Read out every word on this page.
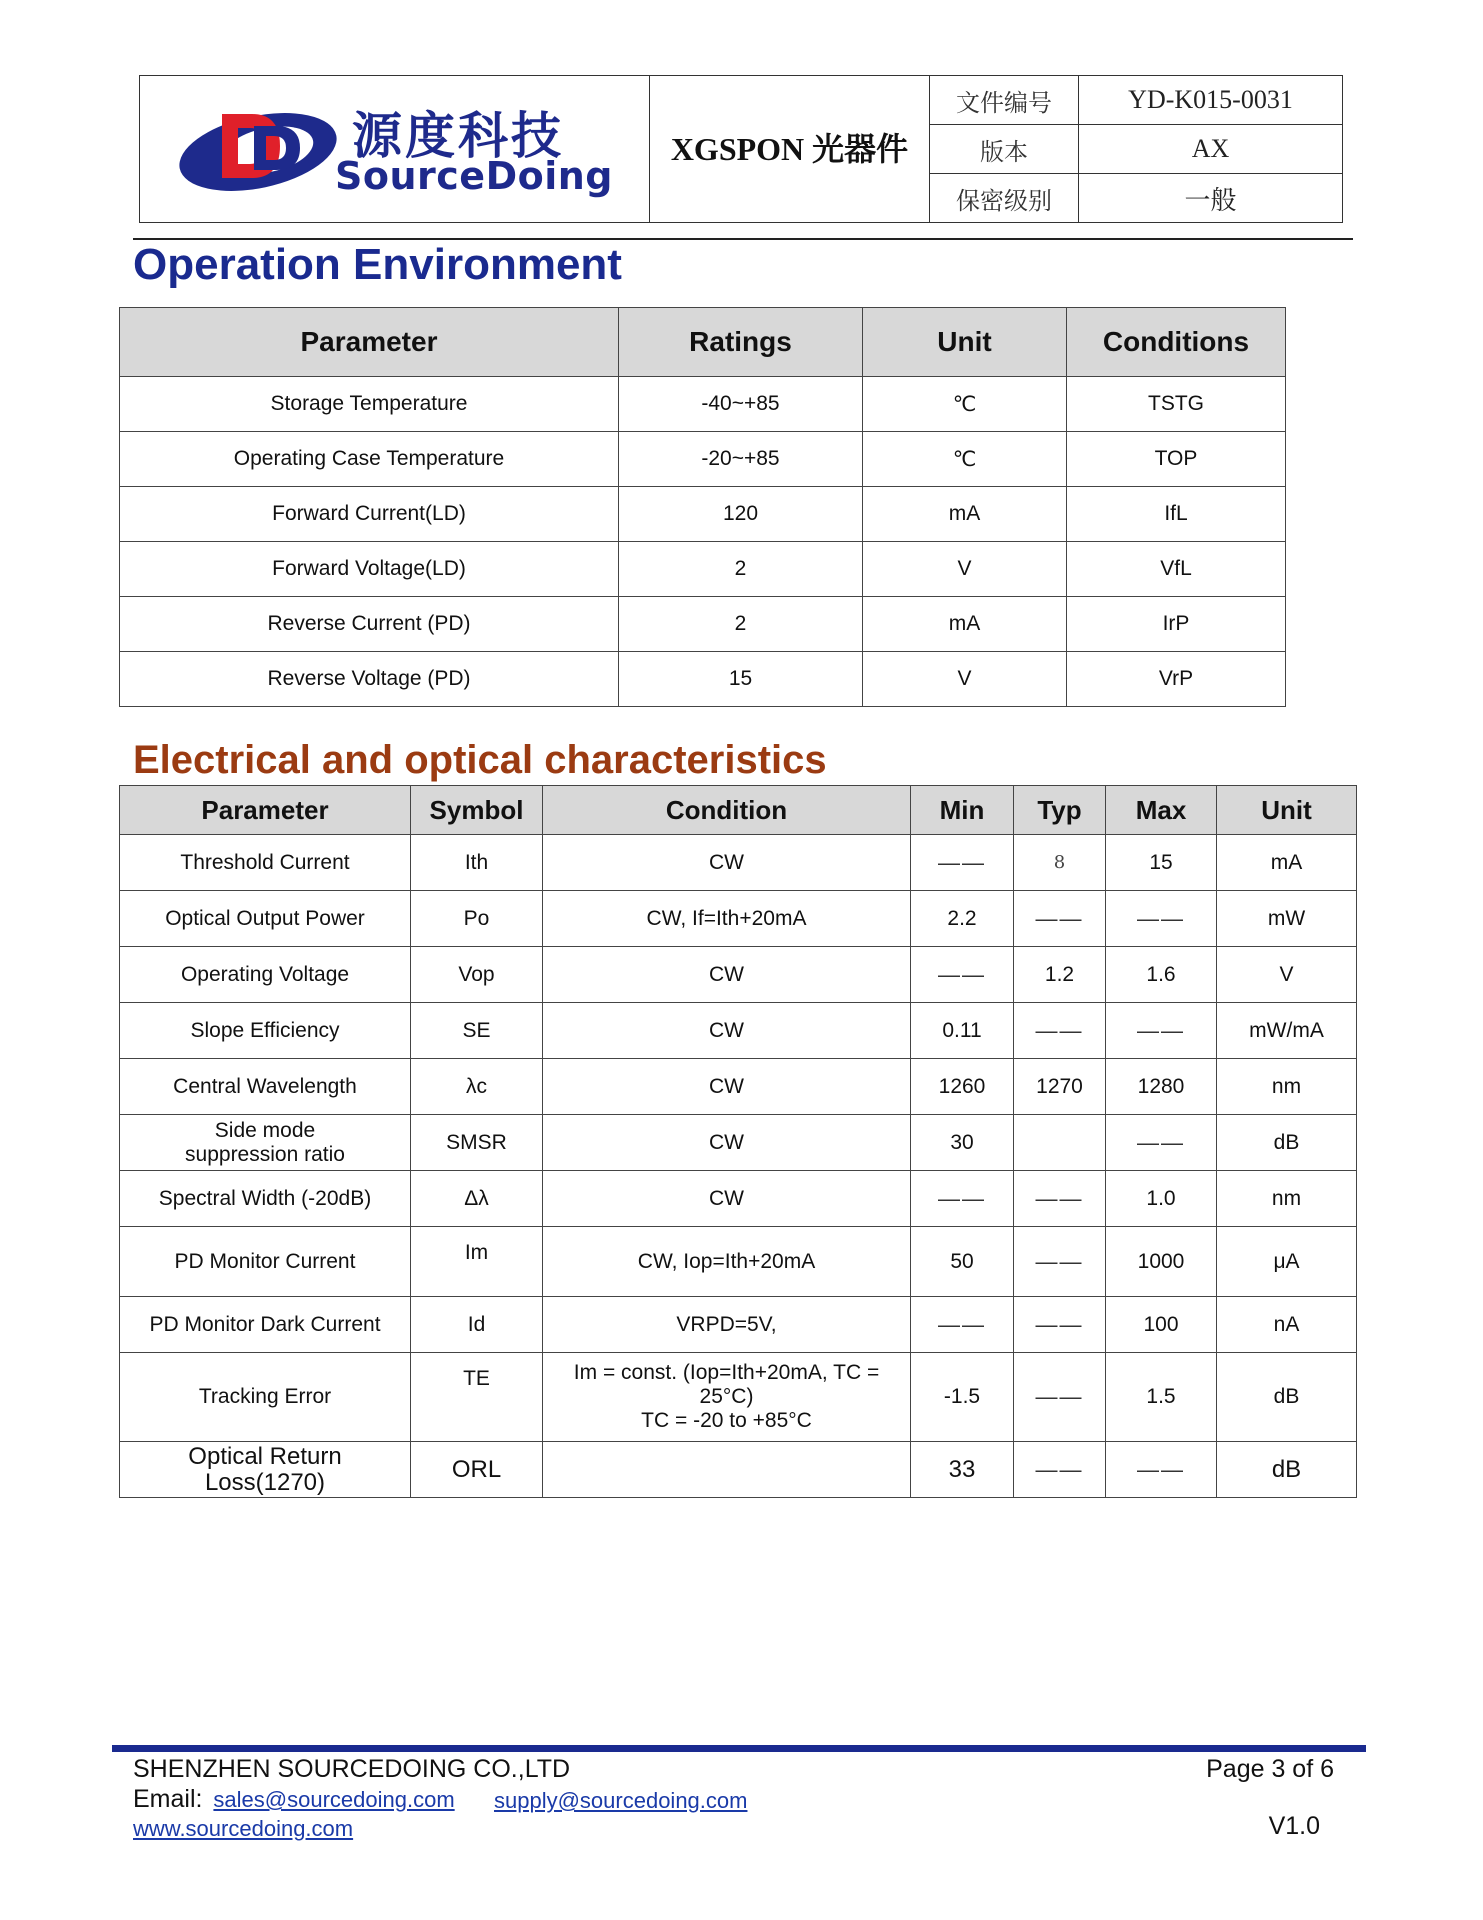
源度科技
SourceDoing
XGSPON 光器件
文件编号	YD-K015-0031
版本	AX
保密级别	一般
Operation Environment
Parameter	Ratings	Unit	Conditions
Storage Temperature	-40~+85	℃	TSTG
Operating Case Temperature	-20~+85	℃	TOP
Forward Current(LD)	120	mA	IfL
Forward Voltage(LD)	2	V	VfL
Reverse Current (PD)	2	mA	IrP
Reverse Voltage (PD)	15	V	VrP
Electrical and optical characteristics
Parameter	Symbol	Condition	Min	Typ	Max	Unit
Threshold Current	Ith	CW	——	8	15	mA
Optical Output Power	Po	CW, If=Ith+20mA	2.2	——	——	mW
Operating Voltage	Vop	CW	——	1.2	1.6	V
Slope Efficiency	SE	CW	0.11	——	——	mW/mA
Central Wavelength	λc	CW	1260	1270	1280	nm

Side mode
suppression ratio	SMSR	CW	30		——	dB
Spectral Width (-20dB)	Δλ	CW	——	——	1.0	nm
PD Monitor Current	Im	CW, Iop=Ith+20mA	50	——	1000	μA
PD Monitor Dark Current	Id	VRPD=5V,	——	——	100	nA
Tracking Error	TE	Im = const. (Iop=Ith+20mA, TC =
25°C)
TC = -20 to +85°C	-1.5	——	1.5	dB

Optical Return
Loss(1270)	ORL		33	——	——	dB
SHENZHEN SOURCEDOING CO.,LTD	Page 3 of 6
Email: sales@sourcedoing.com supply@sourcedoing.com
www.sourcedoing.com	V1.0
